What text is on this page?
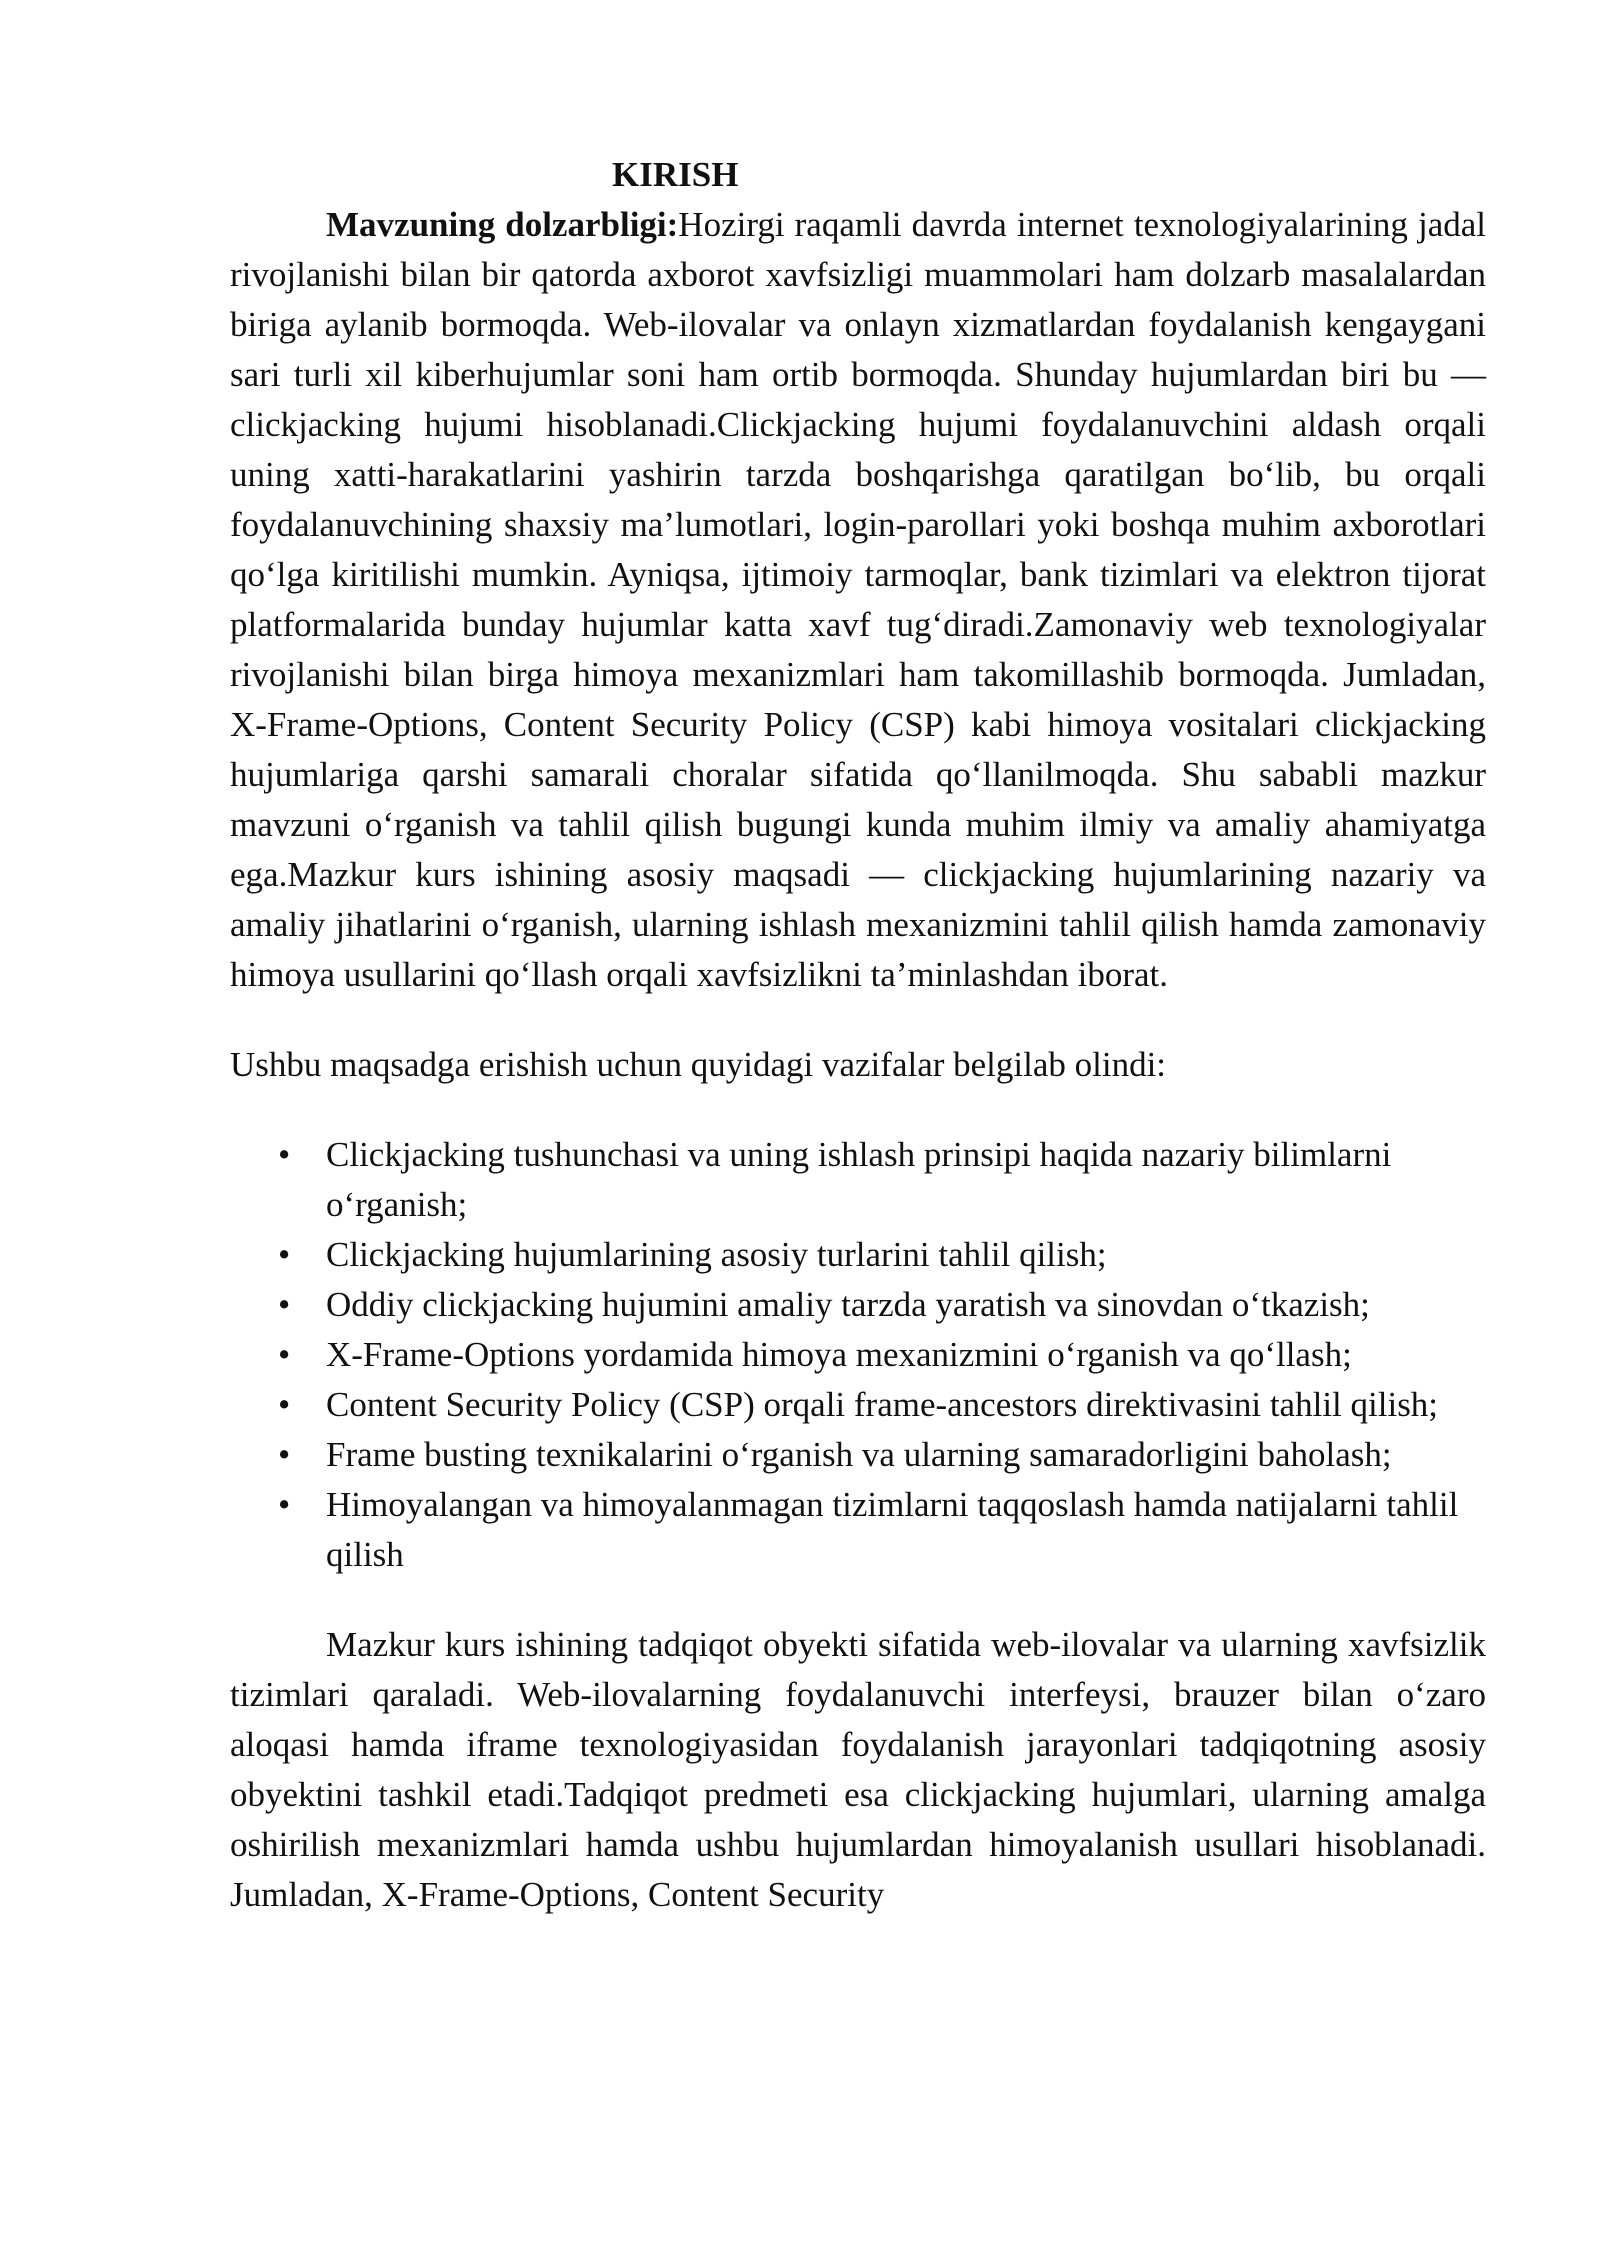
KIRISH

Mavzuning dolzarbligi:Hozirgi raqamli davrda internet texnologiyalarining jadal rivojlanishi bilan bir qatorda axborot xavfsizligi muammolari ham dolzarb masalalardan biriga aylanib bormoqda. Web-ilovalar va onlayn xizmatlardan foydalanish kengaygani sari turli xil kiberhujumlar soni ham ortib bormoqda. Shunday hujumlardan biri bu — clickjacking hujumi hisoblanadi.Clickjacking hujumi foydalanuvchini aldash orqali uning xatti-harakatlarini yashirin tarzda boshqarishga qaratilgan bo‘lib, bu orqali foydalanuvchining shaxsiy ma’lumotlari, login-parollari yoki boshqa muhim axborotlari qo‘lga kiritilishi mumkin. Ayniqsa, ijtimoiy tarmoqlar, bank tizimlari va elektron tijorat platformalarida bunday hujumlar katta xavf tug‘diradi.Zamonaviy web texnologiyalar rivojlanishi bilan birga himoya mexanizmlari ham takomillashib bormoqda. Jumladan, X-Frame-Options, Content Security Policy (CSP) kabi himoya vositalari clickjacking hujumlariga qarshi samarali choralar sifatida qo‘llanilmoqda. Shu sababli mazkur mavzuni o‘rganish va tahlil qilish bugungi kunda muhim ilmiy va amaliy ahamiyatga ega.Mazkur kurs ishining asosiy maqsadi — clickjacking hujumlarining nazariy va amaliy jihatlarini o‘rganish, ularning ishlash mexanizmini tahlil qilish hamda zamonaviy himoya usullarini qo‘llash orqali xavfsizlikni ta’minlashdan iborat.

Ushbu maqsadga erishish uchun quyidagi vazifalar belgilab olindi:

• Clickjacking tushunchasi va uning ishlash prinsipi haqida nazariy bilimlarni o‘rganish;
• Clickjacking hujumlarining asosiy turlarini tahlil qilish;
• Oddiy clickjacking hujumini amaliy tarzda yaratish va sinovdan o‘tkazish;
• X-Frame-Options yordamida himoya mexanizmini o‘rganish va qo‘llash;
• Content Security Policy (CSP) orqali frame-ancestors direktivasini tahlil qilish;
• Frame busting texnikalarini o‘rganish va ularning samaradorligini baholash;
• Himoyalangan va himoyalanmagan tizimlarni taqqoslash hamda natijalarni tahlil qilish

Mazkur kurs ishining tadqiqot obyekti sifatida web-ilovalar va ularning xavfsizlik tizimlari qaraladi. Web-ilovalarning foydalanuvchi interfeysi, brauzer bilan o‘zaro aloqasi hamda iframe texnologiyasidan foydalanish jarayonlari tadqiqotning asosiy obyektini tashkil etadi.Tadqiqot predmeti esa clickjacking hujumlari, ularning amalga oshirilish mexanizmlari hamda ushbu hujumlardan himoyalanish usullari hisoblanadi. Jumladan, X-Frame-Options, Content Security
